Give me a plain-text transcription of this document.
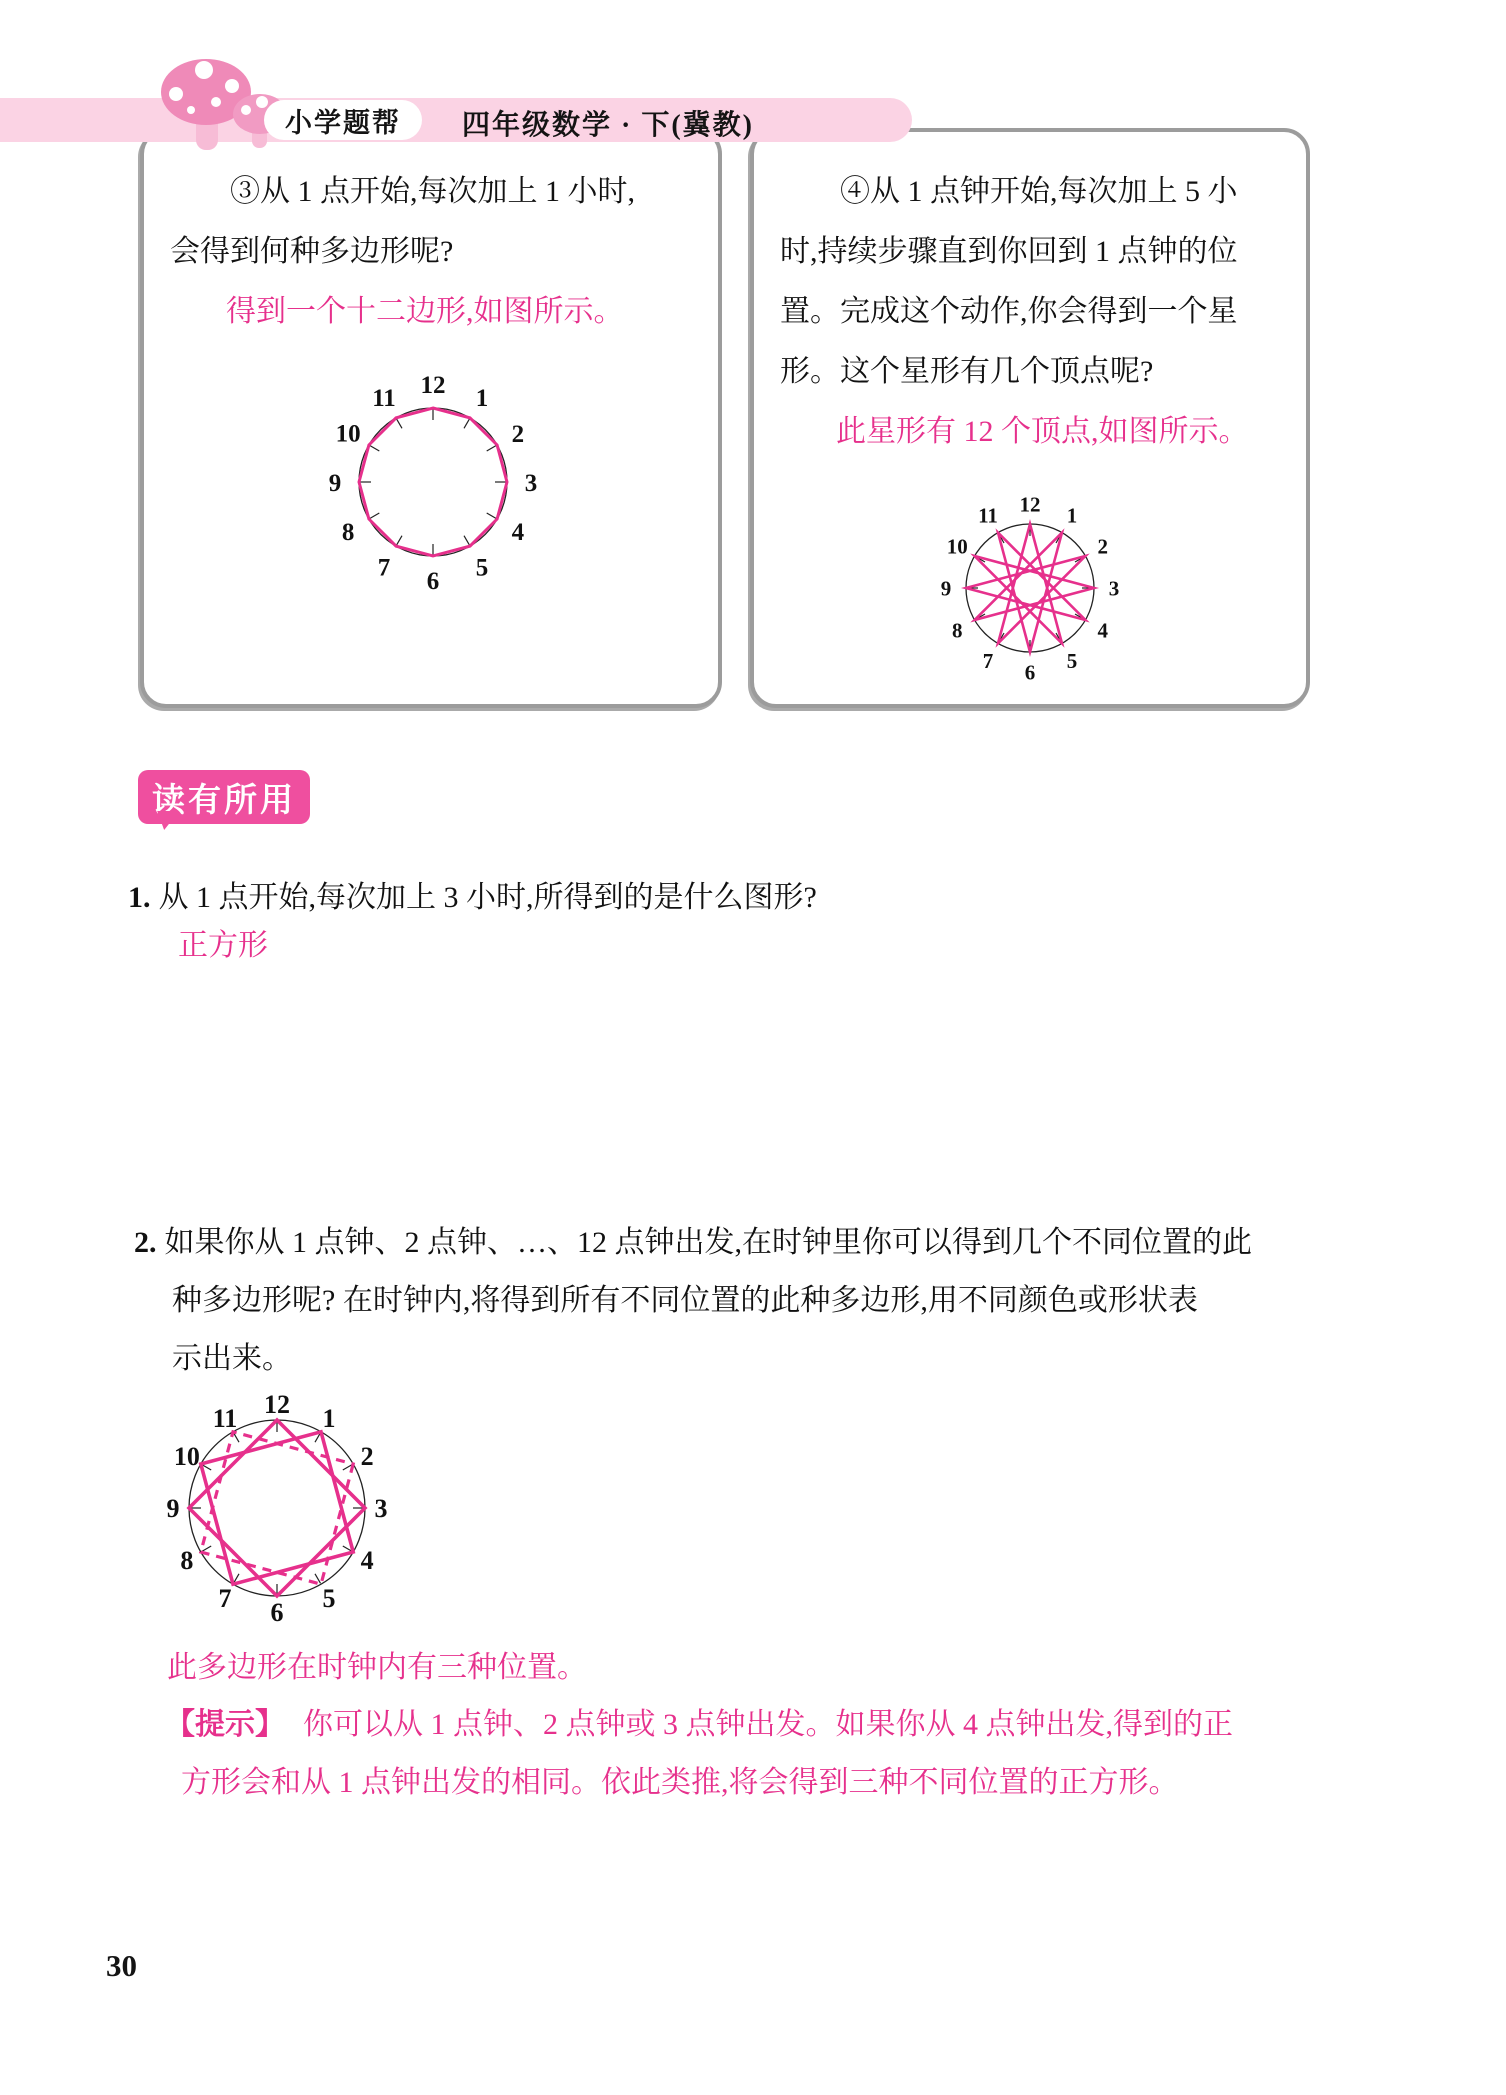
小学题帮 四年级数学 · 下(冀教)
③从 1 点开始,每次加上 1 小时,
会得到何种多边形呢?
得到一个十二边形,如图所示。
1
2
3
4
5
6
7
8
9
10
11 12
④从 1 点钟开始,每次加上 5 小
时,持续步骤直到你回到 1 点钟的位
置。完成这个动作,你会得到一个星
形。这个星形有几个顶点呢?
此星形有 12 个顶点,如图所示。
1
2
3
4
5
6
7
8
9
10
11 12
读有所用
1. 从 1 点开始,每次加上 3 小时,所得到的是什么图形?
正方形
2. 如果你从 1 点钟、2 点钟、…、12 点钟出发,在时钟里你可以得到几个不同位置的此
种多边形呢? 在时钟内,将得到所有不同位置的此种多边形,用不同颜色或形状表
示出来。
1
2
3
4
5
6
7
8
9
10
11 12
此多边形在时钟内有三种位置。
【提示】 你可以从 1 点钟、2 点钟或 3 点钟出发。如果你从 4 点钟出发,得到的正
方形会和从 1 点钟出发的相同。依此类推,将会得到三种不同位置的正方形。
30
